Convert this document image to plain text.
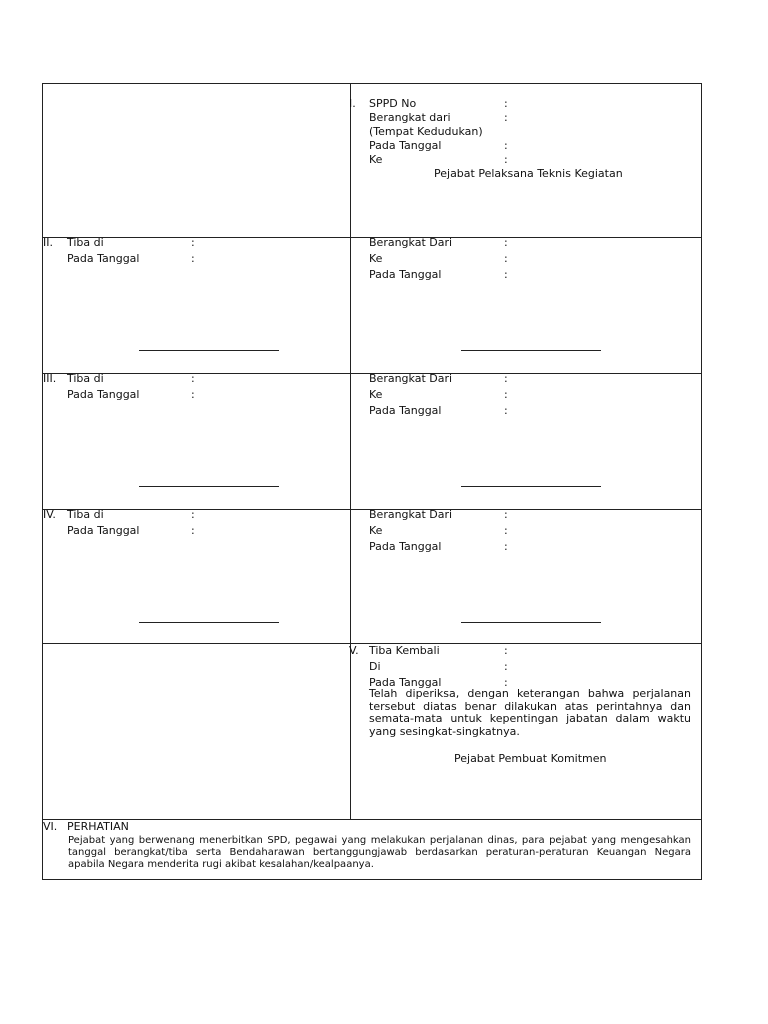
I. SPPD No	:
Berangkat dari	:
(Tempat Kedudukan)
Pada Tanggal	:
Ke	:
Pejabat Pelaksana Teknis Kegiatan
II. Tiba di	:
Pada Tanggal	:
Berangkat Dari	:
Ke	:
Pada Tanggal	:
III. Tiba di	:
Pada Tanggal	:
Berangkat Dari	:
Ke	:
Pada Tanggal	:
IV. Tiba di	:
Pada Tanggal	:
Berangkat Dari	:
Ke	:
Pada Tanggal	:
V. Tiba Kembali	:
Di	:
Pada Tanggal	:
Telah diperiksa, dengan keterangan bahwa perjalanan tersebut diatas benar dilakukan atas perintahnya dan semata-mata untuk kepentingan jabatan dalam waktu yang sesingkat-singkatnya.
Pejabat Pembuat Komitmen
VI. PERHATIAN
Pejabat yang berwenang menerbitkan SPD, pegawai yang melakukan perjalanan dinas, para pejabat yang mengesahkan tanggal berangkat/tiba serta Bendaharawan bertanggungjawab berdasarkan peraturan-peraturan Keuangan Negara apabila Negara menderita rugi akibat kesalahan/kealpaanya.
